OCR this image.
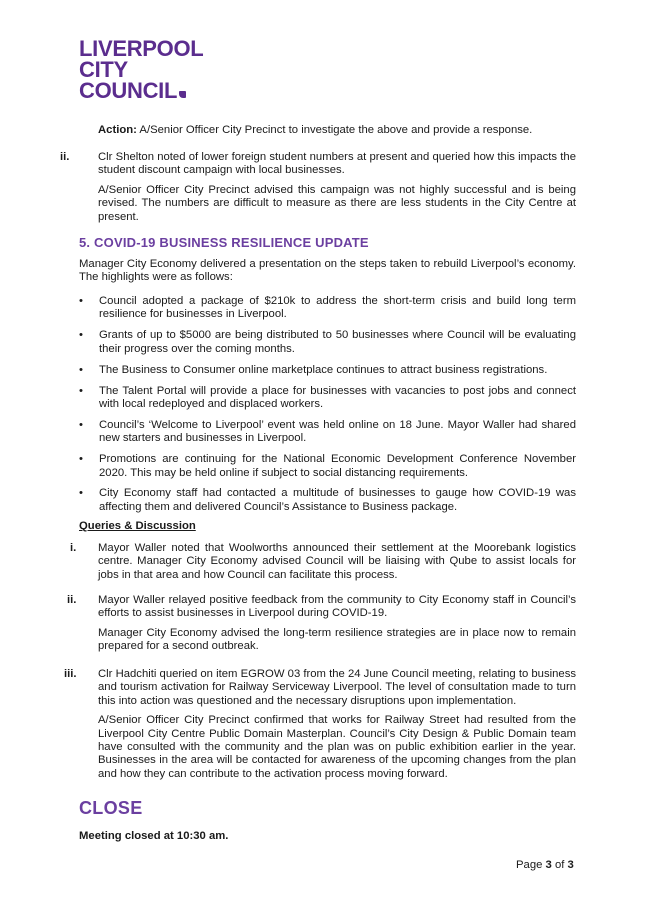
LIVERPOOL
CITY
COUNCIL

Action: A/Senior Officer City Precinct to investigate the above and provide a response.

ii.	Clr Shelton noted of lower foreign student numbers at present and queried how this impacts the student discount campaign with local businesses.

A/Senior Officer City Precinct advised this campaign was not highly successful and is being revised. The numbers are difficult to measure as there are less students in the City Centre at present.

5. COVID-19 BUSINESS RESILIENCE UPDATE

Manager City Economy delivered a presentation on the steps taken to rebuild Liverpool’s economy. The highlights were as follows:

• Council adopted a package of $210k to address the short-term crisis and build long term resilience for businesses in Liverpool.

• Grants of up to $5000 are being distributed to 50 businesses where Council will be evaluating their progress over the coming months.

• The Business to Consumer online marketplace continues to attract business registrations.

• The Talent Portal will provide a place for businesses with vacancies to post jobs and connect with local redeployed and displaced workers.

• Council’s ‘Welcome to Liverpool’ event was held online on 18 June. Mayor Waller had shared new starters and businesses in Liverpool.

• Promotions are continuing for the National Economic Development Conference November 2020. This may be held online if subject to social distancing requirements.

• City Economy staff had contacted a multitude of businesses to gauge how COVID-19 was affecting them and delivered Council’s Assistance to Business package.

Queries & Discussion
i.	Mayor Waller noted that Woolworths announced their settlement at the Moorebank logistics centre. Manager City Economy advised Council will be liaising with Qube to assist locals for jobs in that area and how Council can facilitate this process.

ii.	Mayor Waller relayed positive feedback from the community to City Economy staff in Council’s efforts to assist businesses in Liverpool during COVID-19.

Manager City Economy advised the long-term resilience strategies are in place now to remain prepared for a second outbreak.

iii.	Clr Hadchiti queried on item EGROW 03 from the 24 June Council meeting, relating to business and tourism activation for Railway Serviceway Liverpool. The level of consultation made to turn this into action was questioned and the necessary disruptions upon implementation.

A/Senior Officer City Precinct confirmed that works for Railway Street had resulted from the Liverpool City Centre Public Domain Masterplan. Council’s City Design & Public Domain team have consulted with the community and the plan was on public exhibition earlier in the year. Businesses in the area will be contacted for awareness of the upcoming changes from the plan and how they can contribute to the activation process moving forward.

CLOSE
Meeting closed at 10:30 am.
Page 3 of 3
